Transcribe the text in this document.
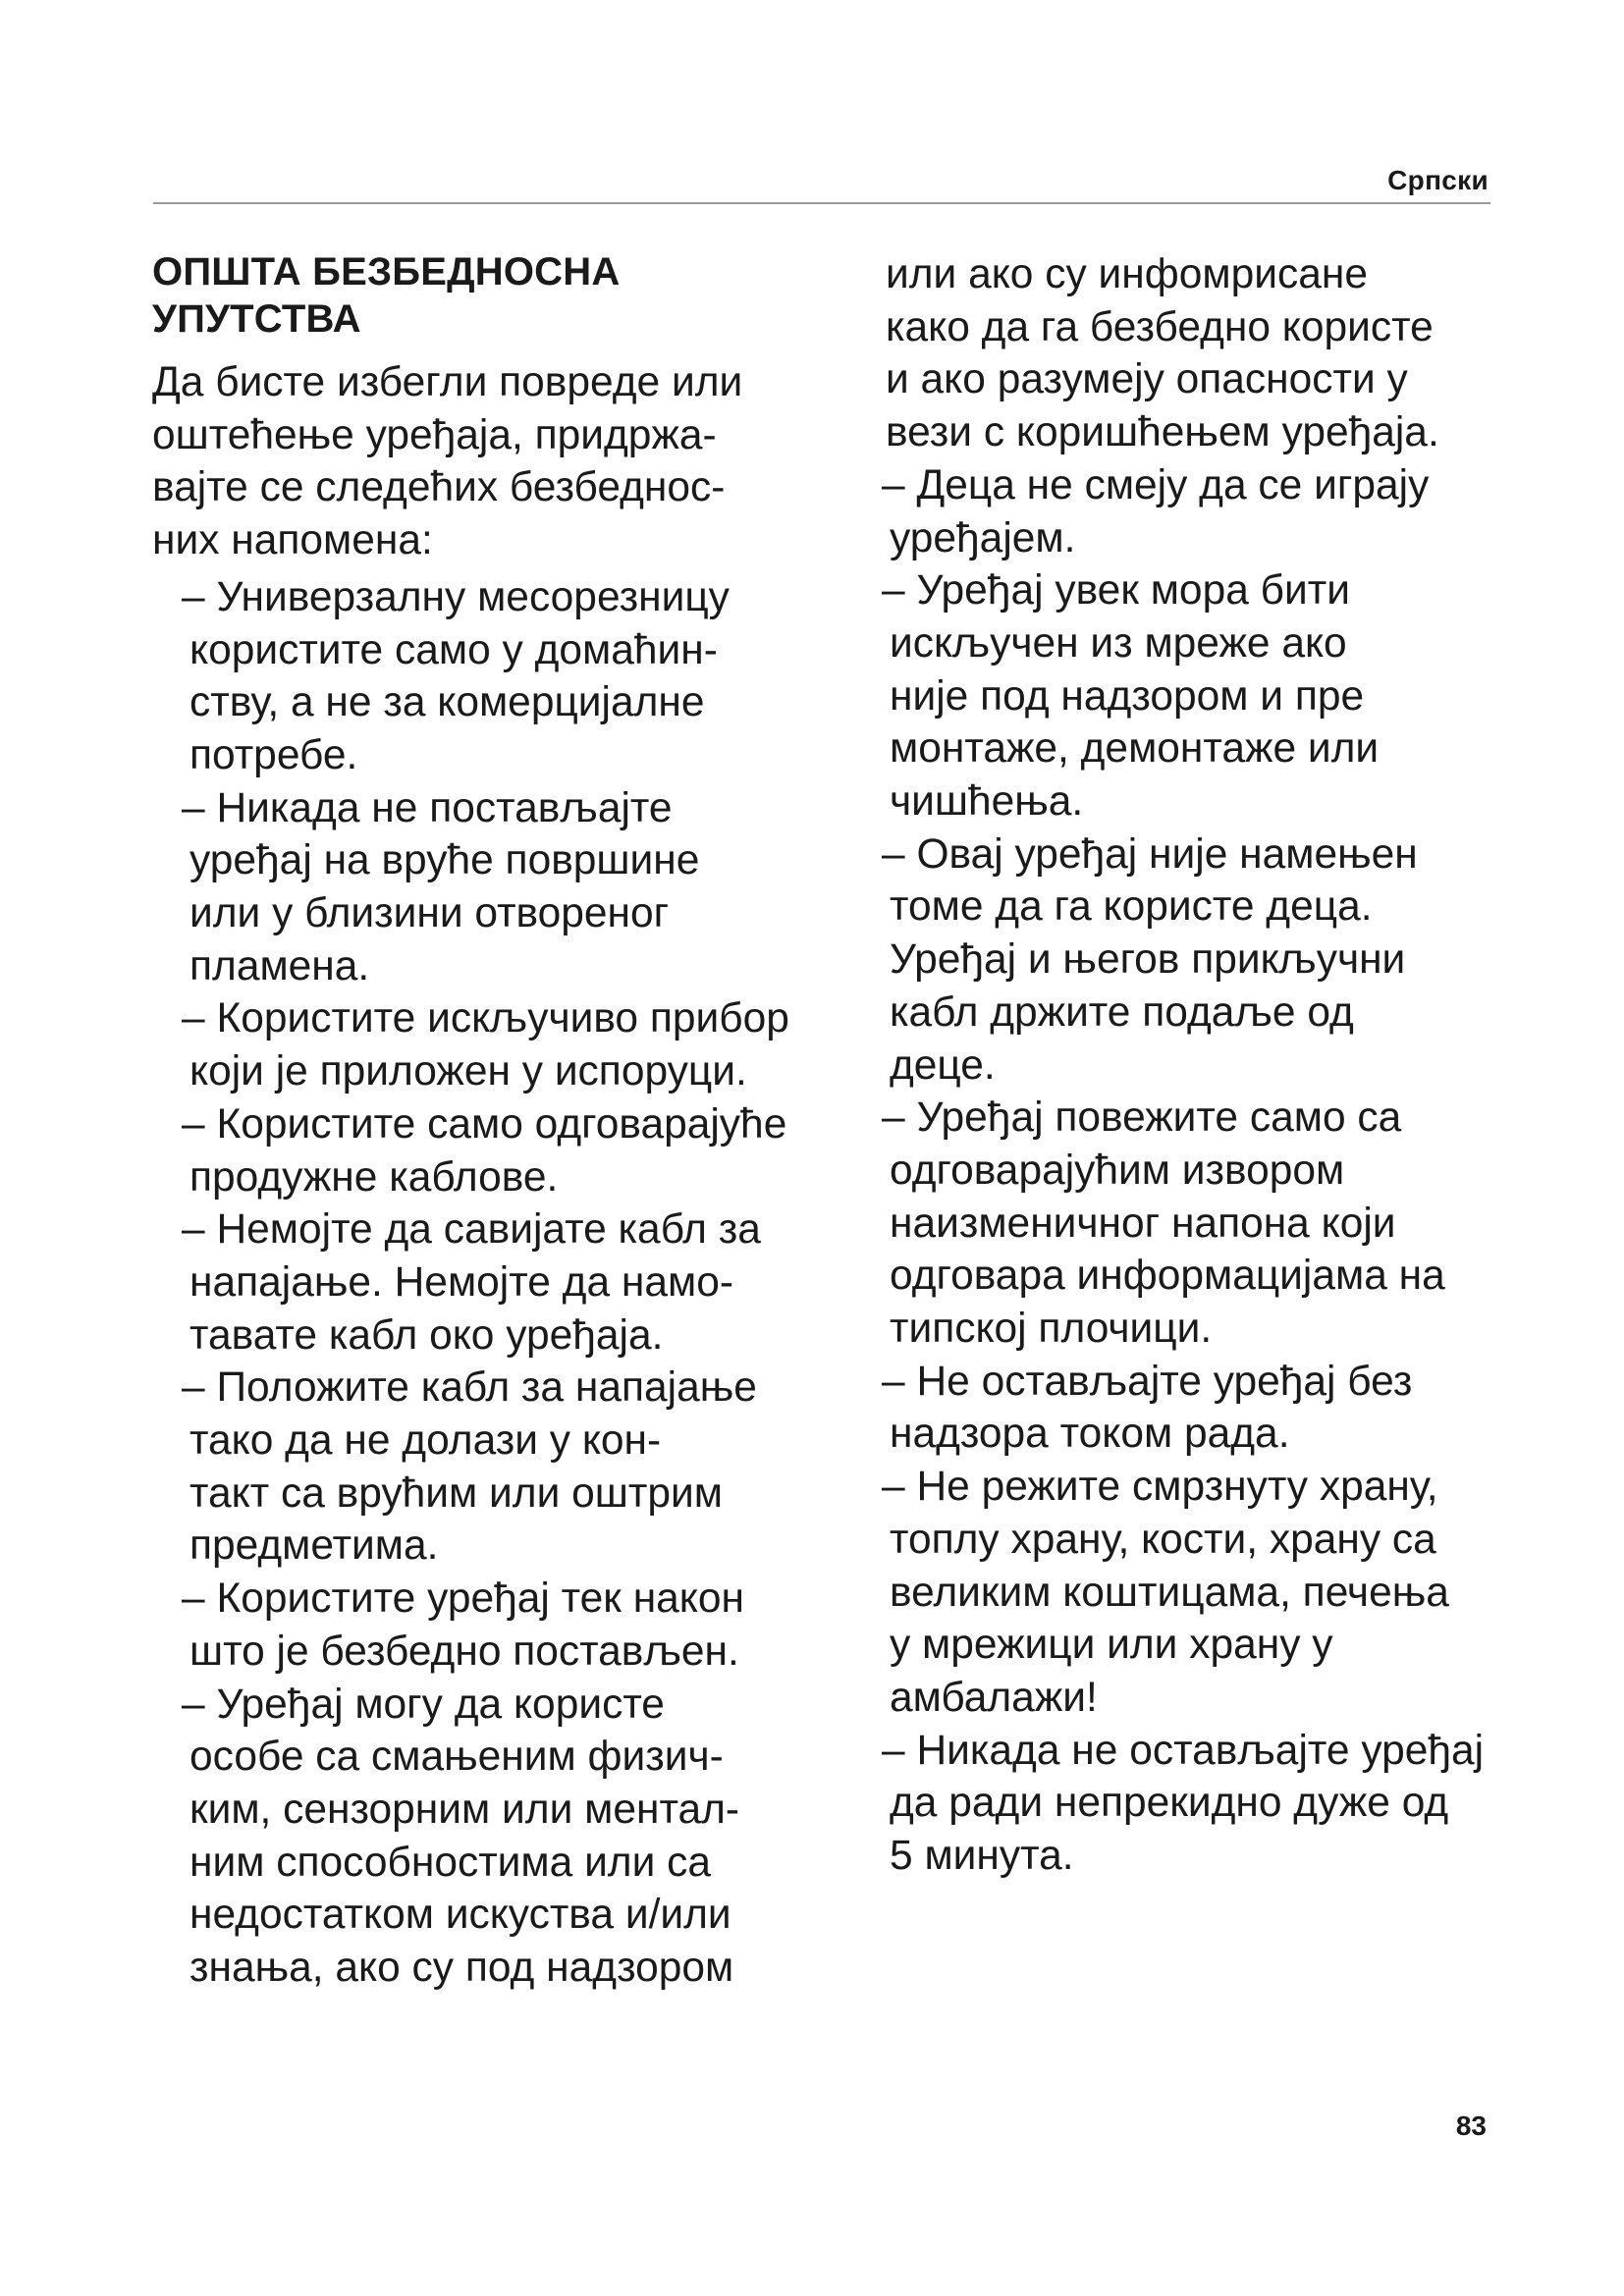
Српски
ОПШТА БЕЗБЕДНОСНА
УПУТСТВА

Да бисте избегли повреде или
оштећење уређаја, придржа-
вајте се следећих безбеднос-
них напомена:

– Универзалну месорезницу
користите само у домаћин-
ству, а не за комерцијалне
потребе.
– Никада не постављајте
уређај на вруће површине
или у близини отвореног
пламена.
– Користите искључиво прибор
који је приложен у испоруци.
– Користите само одговарајуће
продужне каблове.
– Немојте да савијате кабл за
напајање. Немојте да намо-
тавате кабл око уређаја.
– Положите кабл за напајање
тако да не долази у кон-
такт са врућим или оштрим
предметима.
– Користите уређај тек након
што је безбедно постављен.
– Уређај могу да користе
особе са смањеним физич-
ким, сензорним или ментал-
ним способностима или са
недостатком искуства и/или
знања, ако су под надзором

или ако су инфомрисане
како да га безбедно користе
и ако разумеју опасности у
вези с коришћењем уређаја.

– Деца не смеју да се играју
уређајем.
– Уређај увек мора бити
искључен из мреже ако
није под надзором и пре
монтаже, демонтаже или
чишћења.
– Овај уређај није намењен
томе да га користе деца.
Уређај и његов прикључни
кабл држите подаље од
деце.
– Уређај повежите само са
одговарајућим извором
наизменичног напона који
одговара информацијама на
типској плочици.
– Не остављајте уређај без
надзора током рада.
– Не режите смрзнуту храну,
топлу храну, кости, храну са
великим коштицама, печења
у мрежици или храну у
амбалажи!
– Никада не остављајте уређај
да ради непрекидно дуже од
5 минута.
83
